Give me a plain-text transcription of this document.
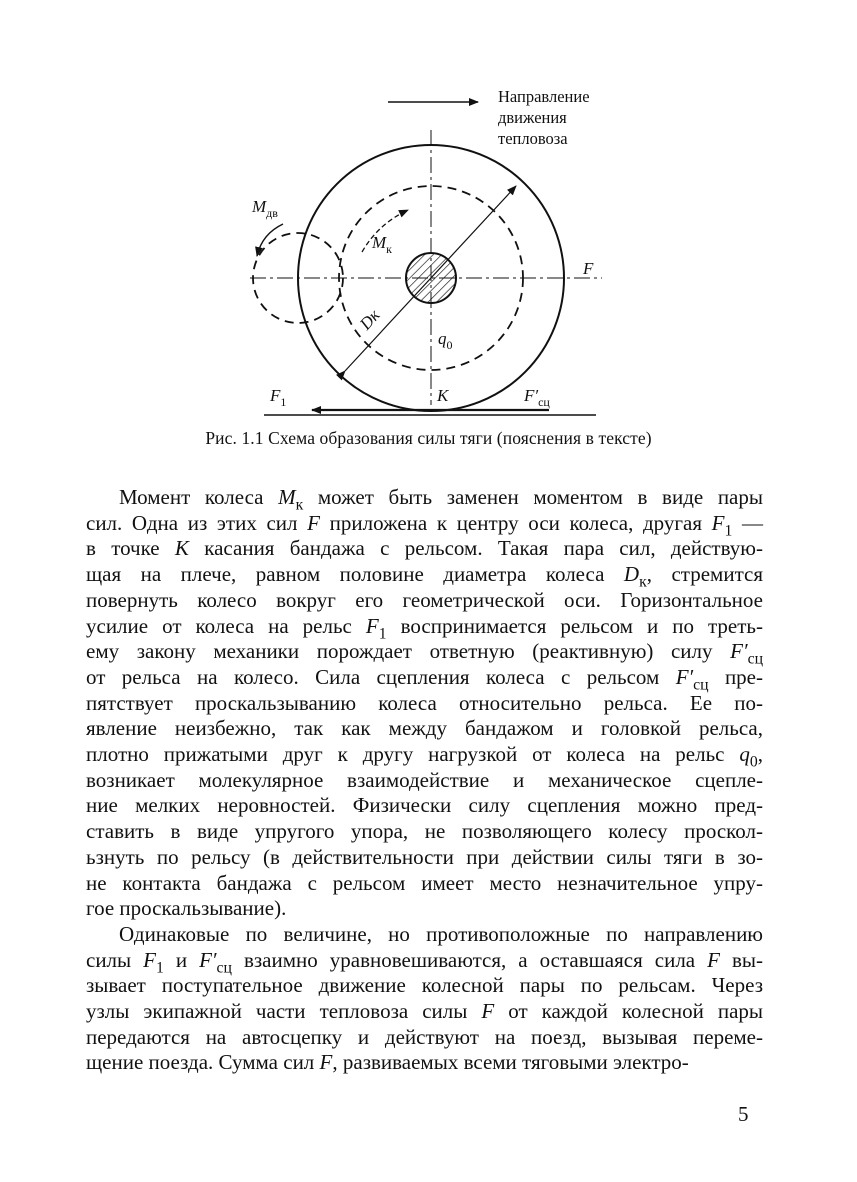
Направление
движения
тепловоза
Dк
$M_{дв}$
$M_к$
F
$q_0$
$F_1$	K	$F'_{сц}$
Рис. 1.1 Схема образования силы тяги (пояснения в тексте)
Момент колеса $M_к$ может быть заменен моментом в виде пары
сил. Одна из этих сил F приложена к центру оси колеса, другая $F_1$ —
в точке K касания бандажа с рельсом. Такая пара сил, действую-
щая на плече, равном половине диаметра колеса $D_к$, стремится
повернуть колесо вокруг его геометрической оси. Горизонтальное
усилие от колеса на рельс $F_1$ воспринимается рельсом и по треть-
ему закону механики порождает ответную (реактивную) силу $F'_{сц}$
от рельса на колесо. Сила сцепления колеса с рельсом $F'_{сц}$ пре-
пятствует проскальзыванию колеса относительно рельса. Ее по-
явление неизбежно, так как между бандажом и головкой рельса,
плотно прижатыми друг к другу нагрузкой от колеса на рельс $q_0$,
возникает молекулярное взаимодействие и механическое сцепле-
ние мелких неровностей. Физически силу сцепления можно пред-
ставить в виде упругого упора, не позволяющего колесу проскол-
ьзнуть по рельсу (в действительности при действии силы тяги в зо-
не контакта бандажа с рельсом имеет место незначительное упру-
гое проскальзывание).
Одинаковые по величине, но противоположные по направлению
силы $F_1$ и $F'_{сц}$ взаимно уравновешиваются, а оставшаяся сила F вы-
зывает поступательное движение колесной пары по рельсам. Через
узлы экипажной части тепловоза силы F от каждой колесной пары
передаются на автосцепку и действуют на поезд, вызывая переме-
щение поезда. Сумма сил F, развиваемых всеми тяговыми электро-
5
